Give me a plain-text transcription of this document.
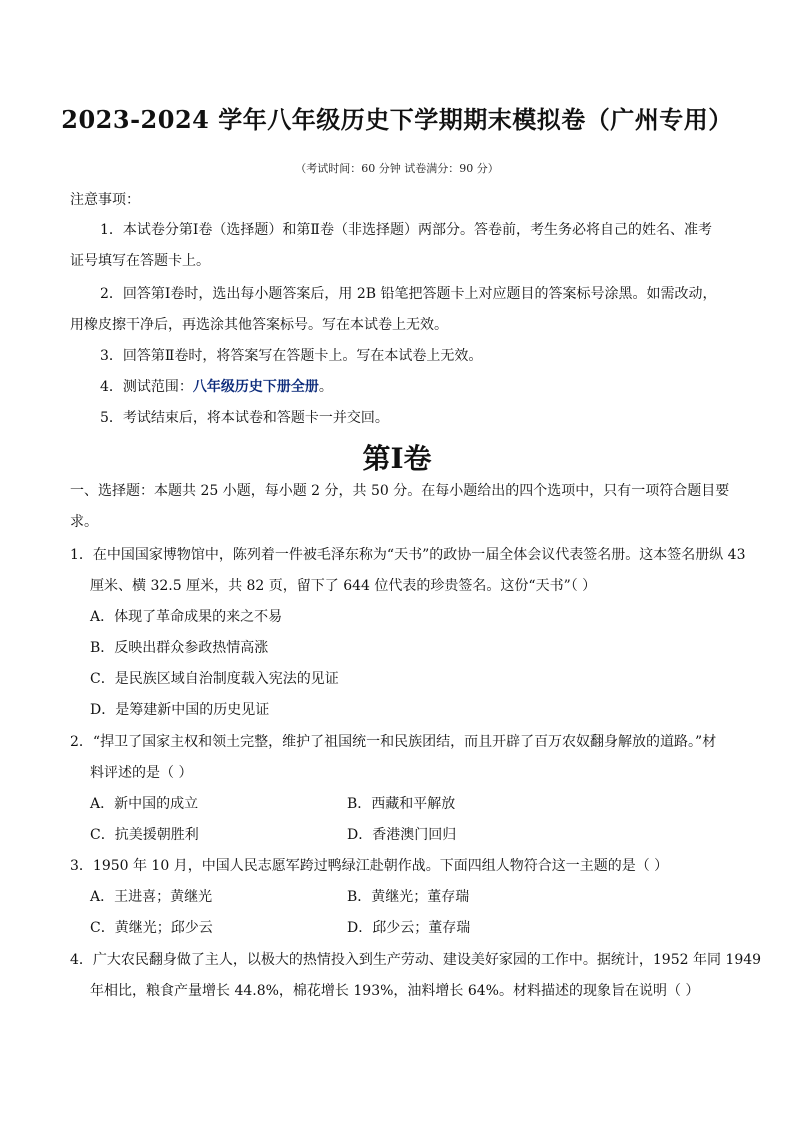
2023-2024 学年八年级历史下学期期末模拟卷（广州专用）
（考试时间：60 分钟 试卷满分：90 分）
注意事项：
1．本试卷分第Ⅰ卷（选择题）和第Ⅱ卷（非选择题）两部分。答卷前，考生务必将自己的姓名、准考
证号填写在答题卡上。
2．回答第Ⅰ卷时，选出每小题答案后，用 2B 铅笔把答题卡上对应题目的答案标号涂黑。如需改动，
用橡皮擦干净后，再选涂其他答案标号。写在本试卷上无效。
3．回答第Ⅱ卷时，将答案写在答题卡上。写在本试卷上无效。
4．测试范围：八年级历史下册全册。
5．考试结束后，将本试卷和答题卡一并交回。
第Ⅰ卷
一、选择题：本题共 25 小题，每小题 2 分，共 50 分。在每小题给出的四个选项中，只有一项符合题目要
求。
1．在中国国家博物馆中，陈列着一件被毛泽东称为“天书”的政协一届全体会议代表签名册。这本签名册纵 43
厘米、横 32.5 厘米，共 82 页，留下了 644 位代表的珍贵签名。这份“天书”（ ）
A．体现了革命成果的来之不易
B．反映出群众参政热情高涨
C．是民族区域自治制度载入宪法的见证
D．是筹建新中国的历史见证
2．“捍卫了国家主权和领土完整，维护了祖国统一和民族团结，而且开辟了百万农奴翻身解放的道路。”材
料评述的是（ ）
A．新中国的成立	B．西藏和平解放
C．抗美援朝胜利	D．香港澳门回归
3．1950 年 10 月，中国人民志愿军跨过鸭绿江赴朝作战。下面四组人物符合这一主题的是（ ）
A．王进喜；黄继光	B．黄继光；董存瑞
C．黄继光；邱少云	D．邱少云；董存瑞
4．广大农民翻身做了主人，以极大的热情投入到生产劳动、建设美好家园的工作中。据统计，1952 年同 1949
年相比，粮食产量增长 44.8%，棉花增长 193%，油料增长 64%。材料描述的现象旨在说明（ ）
